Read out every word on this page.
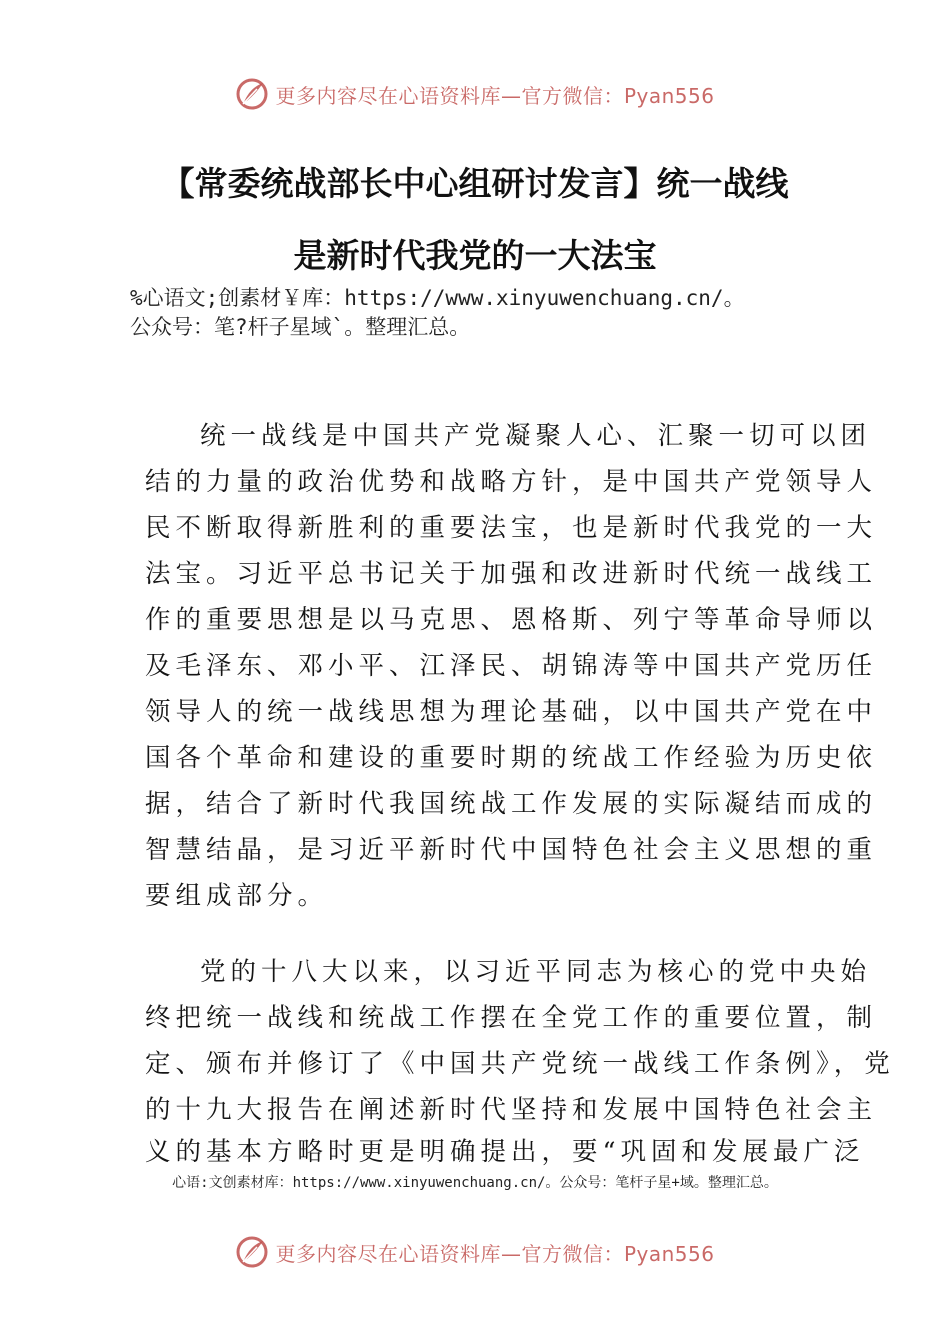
更多内容尽在心语资料库—官方微信：Pyan556
【常委统战部长中心组研讨发言】统一战线
是新时代我党的一大法宝
%心语文;创素材￥库：https://www.xinyuwenchuang.cn/。
公众号：笔?杆子星域`。整理汇总。
统一战线是中国共产党凝聚人心、汇聚一切可以团
结的力量的政治优势和战略方针，是中国共产党领导人
民不断取得新胜利的重要法宝，也是新时代我党的一大
法宝。习近平总书记关于加强和改进新时代统一战线工
作的重要思想是以马克思、恩格斯、列宁等革命导师以
及毛泽东、邓小平、江泽民、胡锦涛等中国共产党历任
领导人的统一战线思想为理论基础，以中国共产党在中
国各个革命和建设的重要时期的统战工作经验为历史依
据，结合了新时代我国统战工作发展的实际凝结而成的
智慧结晶，是习近平新时代中国特色社会主义思想的重
要组成部分。
党的十八大以来，以习近平同志为核心的党中央始
终把统一战线和统战工作摆在全党工作的重要位置，制
定、颁布并修订了《中国共产党统一战线工作条例》，党
的十九大报告在阐述新时代坚持和发展中国特色社会主
义的基本方略时更是明确提出，要“巩固和发展最广泛
心语:文创素材库：https://www.xinyuwenchuang.cn/。公众号：笔杆子星+域。整理汇总。
更多内容尽在心语资料库—官方微信：Pyan556
